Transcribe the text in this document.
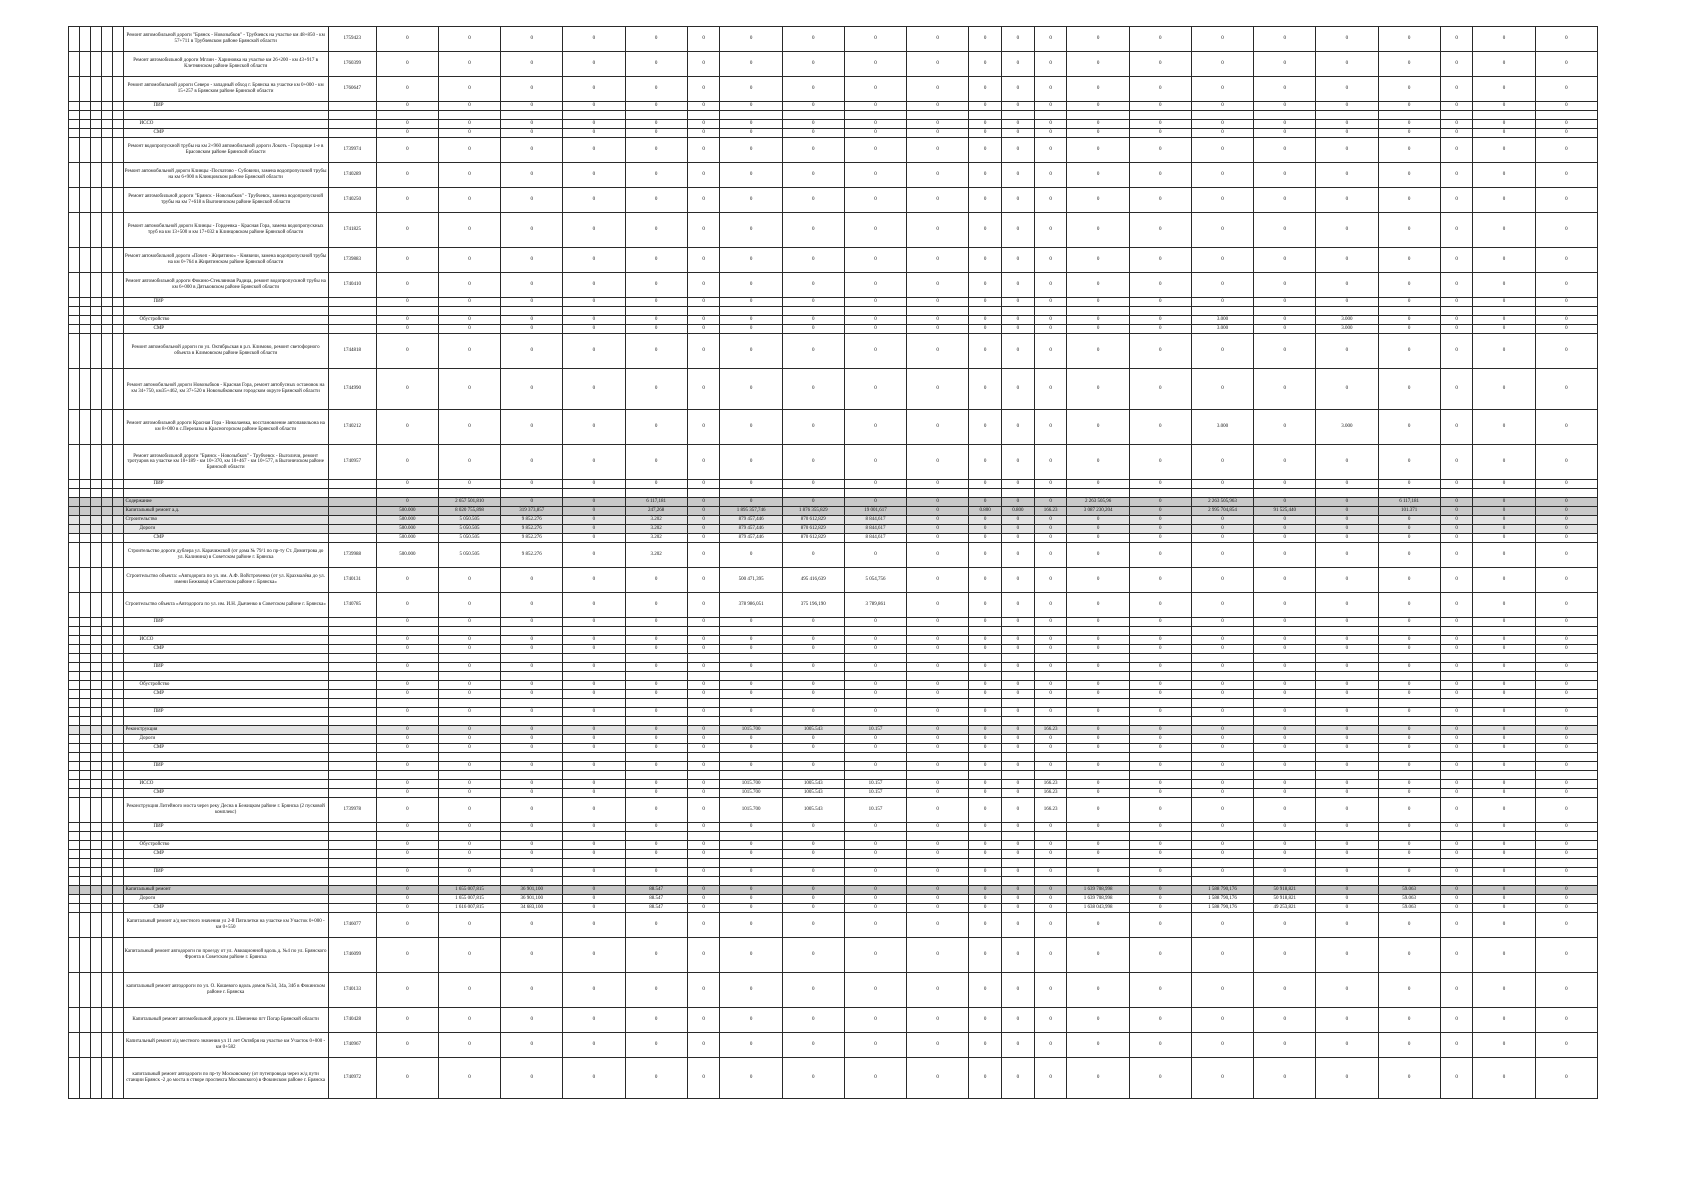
					Ремонт автомобильной дороги "Брянск - Новозыбков" - Трубчевск на участке км 48+850 - км 57+711 в Трубчевском районе Брянской области	1759423	0	0	0	0	0	0	0	0	0	0	0	0	0	0	0	0	0	0	0	0	0	0
					Ремонт автомобильной дороги Мглин - Хариновка на участке км 26+200 - км 43+917 в Клетнянском районе Брянской области	1760399	0	0	0	0	0	0	0	0	0	0	0	0	0	0	0	0	0	0	0	0	0	0
					Ремонт автомобильной дороги Северо - западный обход г. Брянска на участке км 0+000 - км 15+257 в Брянском районе Брянской области	1760647	0	0	0	0	0	0	0	0	0	0	0	0	0	0	0	0	0	0	0	0	0	0
					ПИР		0	0	0	0	0	0	0	0	0	0	0	0	0	0	0	0	0	0	0	0	0	0

					ИССО		0	0	0	0	0	0	0	0	0	0	0	0	0	0	0	0	0	0	0	0	0	0
					СМР		0	0	0	0	0	0	0	0	0	0	0	0	0	0	0	0	0	0	0	0	0	0
					Ремонт водопропускной трубы на км 2+960 автомобильной дороги Локоть - Городище 1-е в Брасовском районе Брянской области	1739974	0	0	0	0	0	0	0	0	0	0	0	0	0	0	0	0	0	0	0	0	0	0
					Ремонт автомобильной дороги Клинцы -Посчатово - Субовичи, замена водопропускной трубы на км 6+900 в Клинцовском районе Брянской области	1740289	0	0	0	0	0	0	0	0	0	0	0	0	0	0	0	0	0	0	0	0	0	0
					Ремонт автомобильной дороги "Брянск - Новозыбков" - Трубчевск, замена водопропускной трубы на км 7+618 в Выгоничском районе Брянской области	1740250	0	0	0	0	0	0	0	0	0	0	0	0	0	0	0	0	0	0	0	0	0	0
					Ремонт автомобильной дороги Клинцы - Гордеевка - Красная Гора, замена водопропускных труб на км 13+500 и км 17+032 в Клинцовском районе Брянской области	1741825	0	0	0	0	0	0	0	0	0	0	0	0	0	0	0	0	0	0	0	0	0	0
					Ремонт автомобильной дороги «Почеп - Жирятино» - Княвичи, замена водопропускной трубы на км 0+764 в Жирятинском районе Брянской области	1739883	0	0	0	0	0	0	0	0	0	0	0	0	0	0	0	0	0	0	0	0	0	0
					Ремонт автомобильной дороги Фокино-Стеклянная Радица, ремонт водопропускной трубы на км 6+000 в Дятьковском районе Брянской области	1740410	0	0	0	0	0	0	0	0	0	0	0	0	0	0	0	0	0	0	0	0	0	0
					ПИР		0	0	0	0	0	0	0	0	0	0	0	0	0	0	0	0	0	0	0	0	0	0

					Обустройство		0	0	0	0	0	0	0	0	0	0	0	0	0	0	0	3.000	0	3.000	0	0	0	0
					СМР		0	0	0	0	0	0	0	0	0	0	0	0	0	0	0	3.000	0	3.000	0	0	0	0
					Ремонт автомобильной дороги по ул. Октябрьская в р.п. Климово, ремонт светофорного объекта в Климовском районе Брянской области	1744818	0	0	0	0	0	0	0	0	0	0	0	0	0	0	0	0	0	0	0	0	0	0
					Ремонт автомобильной дороги Новозыбков - Красная Гора, ремонт автобусных остановок на км 34+750, км35+462, км 37+520 в Новозыбковском городском округе Брянской области	1744990	0	0	0	0	0	0	0	0	0	0	0	0	0	0	0	0	0	0	0	0	0	0
					Ремонт автомобильной дороги Красная Гора - Николаевка, восстановление автопавильона на км 8+000 в с.Перелазы в Красногорском районе Брянской области	1740212	0	0	0	0	0	0	0	0	0	0	0	0	0	0	0	3.000	0	3.000	0	0	0	0
					Ремонт автомобильной дороги "Брянск - Новозыбков" - Трубчевск - Выголичи, ремонт тротуаров на участке км 10+189 - км 10+370, км 10+467 - км 10+577, в Выгоничском районе Брянской области	1740957	0	0	0	0	0	0	0	0	0	0	0	0	0	0	0	0	0	0	0	0	0	0
					ПИР		0	0	0	0	0	0	0	0	0	0	0	0	0	0	0	0	0	0	0	0	0	0

					Содержание		0	2 657 501,810	0	0	6 117,181	0	0	0	0	0	0	0	0	2 263 505,96	0	2 263 505,963	0	0	6 117,181	0	0	0
					Капитальный ремонт а.д.		500.000	8 020 755,898	319 373,857	0	247,268	0	1 895 357,746	1 876 355,829	19 001,617	0	0.800	0.800	166.23	3 087 230,204	0	2 995 704,854	91 525,440	0	101.371	0	0	0
					Строительство		500.000	5 050.505	9 852.276	0	3.202	0	879 457,446	870 612,829	8 844,617	0	0	0	0	0	0	0	0	0	0	0	0	0
					Дороги		500.000	5 050.505	9 852.276	0	3.202	0	879 457,446	870 612,829	8 844,617	0	0	0	0	0	0	0	0	0	0	0	0	0
					СМР		500.000	5 050.505	9 852.276	0	3.202	0	879 457,446	870 612,829	8 844,617	0	0	0	0	0	0	0	0	0	0	0	0	0
					Строительство дороги дублера ул. Карачижской (от дома № 79/1 по пр-ту Ст. Димитрова до ул. Калинина) в Советском районе г. Брянска	1739988	500.000	5 050.505	9 852.276	0	3.202	0	0	0	0	0	0	0	0	0	0	0	0	0	0	0	0	0
					Строительство объекта: «Автодорога по ул. им. А.Ф. Войстроченко (от ул. Крахмалёва до ул. имени Бежкова) в Советском районе г. Брянска»	1740131	0	0	0	0	0	0	500 471,395	495 416,639	5 054,756	0	0	0	0	0	0	0	0	0	0	0	0	0
					Строительство объекта «Автодорога по ул. им. И.Н. Дьяченко в Советском районе г. Брянска»	1740785	0	0	0	0	0	0	378 986,051	375 196,190	3 789,861	0	0	0	0	0	0	0	0	0	0	0	0	0
					ПИР		0	0	0	0	0	0	0	0	0	0	0	0	0	0	0	0	0	0	0	0	0	0

					ИССО		0	0	0	0	0	0	0	0	0	0	0	0	0	0	0	0	0	0	0	0	0	0
					СМР		0	0	0	0	0	0	0	0	0	0	0	0	0	0	0	0	0	0	0	0	0	0

					ПИР		0	0	0	0	0	0	0	0	0	0	0	0	0	0	0	0	0	0	0	0	0	0

					Обустройство		0	0	0	0	0	0	0	0	0	0	0	0	0	0	0	0	0	0	0	0	0	0
					СМР		0	0	0	0	0	0	0	0	0	0	0	0	0	0	0	0	0	0	0	0	0	0

					ПИР		0	0	0	0	0	0	0	0	0	0	0	0	0	0	0	0	0	0	0	0	0	0

					Реконструкция		0	0	0	0	0	0	1015.700	1005.543	10.157	0	0	0	166.23	0	0	0	0	0	0	0	0	0
					Дороги		0	0	0	0	0	0	0	0	0	0	0	0	0	0	0	0	0	0	0	0	0	0
					СМР		0	0	0	0	0	0	0	0	0	0	0	0	0	0	0	0	0	0	0	0	0	0

					ПИР		0	0	0	0	0	0	0	0	0	0	0	0	0	0	0	0	0	0	0	0	0	0

					ИССО		0	0	0	0	0	0	1015.700	1005.543	10.157	0	0	0	166.23	0	0	0	0	0	0	0	0	0
					СМР		0	0	0	0	0	0	1015.700	1005.543	10.157	0	0	0	166.23	0	0	0	0	0	0	0	0	0
					Реконструкция Литейного моста через реку Десна в Бежицком районе г. Брянска (2 пусковой комплекс)	1739978	0	0	0	0	0	0	1015.700	1005.543	10.157	0	0	0	166.23	0	0	0	0	0	0	0	0	0
					ПИР		0	0	0	0	0	0	0	0	0	0	0	0	0	0	0	0	0	0	0	0	0	0

					Обустройство		0	0	0	0	0	0	0	0	0	0	0	0	0	0	0	0	0	0	0	0	0	0
					СМР		0	0	0	0	0	0	0	0	0	0	0	0	0	0	0	0	0	0	0	0	0	0

					ПИР		0	0	0	0	0	0	0	0	0	0	0	0	0	0	0	0	0	0	0	0	0	0

					Капитальный ремонт		0	1 655 007,815	36 901,100	0	88.547	0	0	0	0	0	0	0	0	1 639 708,998	0	1 588 790,176	50 918,821	0	59.063	0	0	0
					Дороги		0	1 655 007,815	36 901,100	0	88.547	0	0	0	0	0	0	0	0	1 639 708,998	0	1 588 790,176	50 918,821	0	59.063	0	0	0
					СМР		0	1 616 007,815	34 683,100	0	88.547	0	0	0	0	0	0	0	0	1 638 043,998	0	1 588 790,176	49 253,821	0	59.063	0	0	0
					Капитальный ремонт а/д местного значения ул 2-й Пятилетки на участке км Участок 0+000 - км 0+550	1746077	0	0	0	0	0	0	0	0	0	0	0	0	0	0	0	0	0	0	0	0	0	0
					Капитальный ремонт автодороги по проезду от ул. Авиационной вдоль д. №4 по ул. Брянского Фронта в Советском районе г. Брянска	1746099	0	0	0	0	0	0	0	0	0	0	0	0	0	0	0	0	0	0	0	0	0	0
					капитальный ремонт автодороги по ул. О. Кошевого вдоль домов №34, 34а, 34б в Фокинском районе г. Брянска	1740133	0	0	0	0	0	0	0	0	0	0	0	0	0	0	0	0	0	0	0	0	0	0
					Капитальный ремонт автомобильной дороги ул. Шевченко пгт Погар Брянской области	1740428	0	0	0	0	0	0	0	0	0	0	0	0	0	0	0	0	0	0	0	0	0	0
					Капитальный ремонт а/д местного значения ул 11 лет Октября на участке км Участок 0+000 - км 0+582	1740967	0	0	0	0	0	0	0	0	0	0	0	0	0	0	0	0	0	0	0	0	0	0
					капитальный ремонт автодороги по пр-ту Московскому (от путепровода через ж/д пути станции Брянск -2 до моста в створе проспекта Московского) в Фокинском районе г. Брянска	1740972	0	0	0	0	0	0	0	0	0	0	0	0	0	0	0	0	0	0	0	0	0	0
